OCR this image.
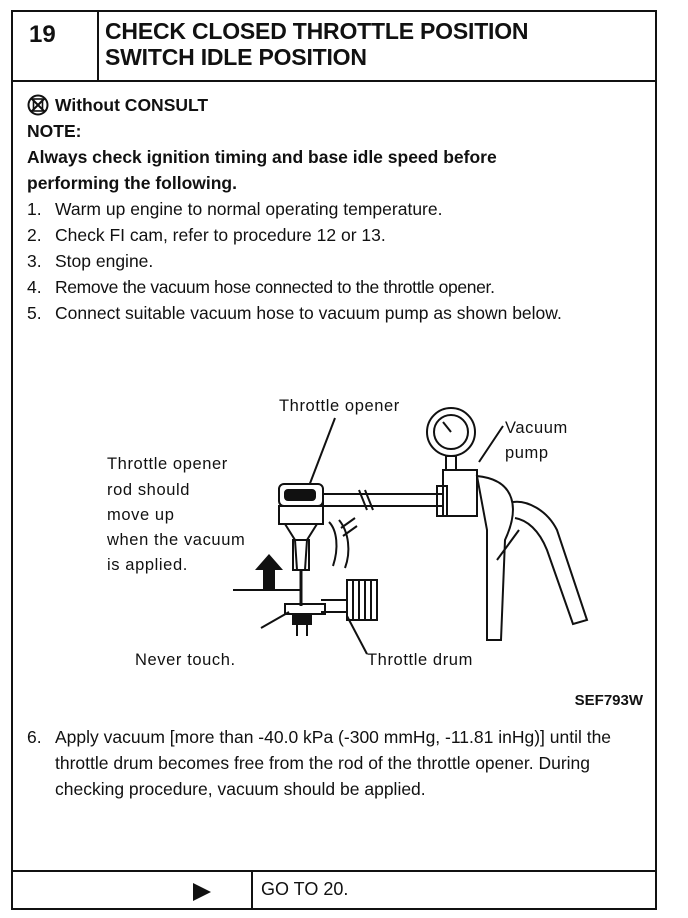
19	CHECK CLOSED THROTTLE POSITION
SWITCH IDLE POSITION
Without CONSULT
NOTE:
Always check ignition timing and base idle speed before
performing the following.
1. Warm up engine to normal operating temperature.
2. Check FI cam, refer to procedure 12 or 13.
3. Stop engine.
4. Remove the vacuum hose connected to the throttle opener.
5. Connect suitable vacuum hose to vacuum pump as shown below.
Throttle opener
Vacuum
pump
Throttle opener
rod should
move up
when the vacuum
is applied.
Never touch.	Throttle drum
SEF793W
6. Apply vacuum [more than -40.0 kPa (-300 mmHg, -11.81 inHg)] until the throttle drum becomes free from the rod of the throttle opener. During checking procedure, vacuum should be applied.
GO TO 20.
